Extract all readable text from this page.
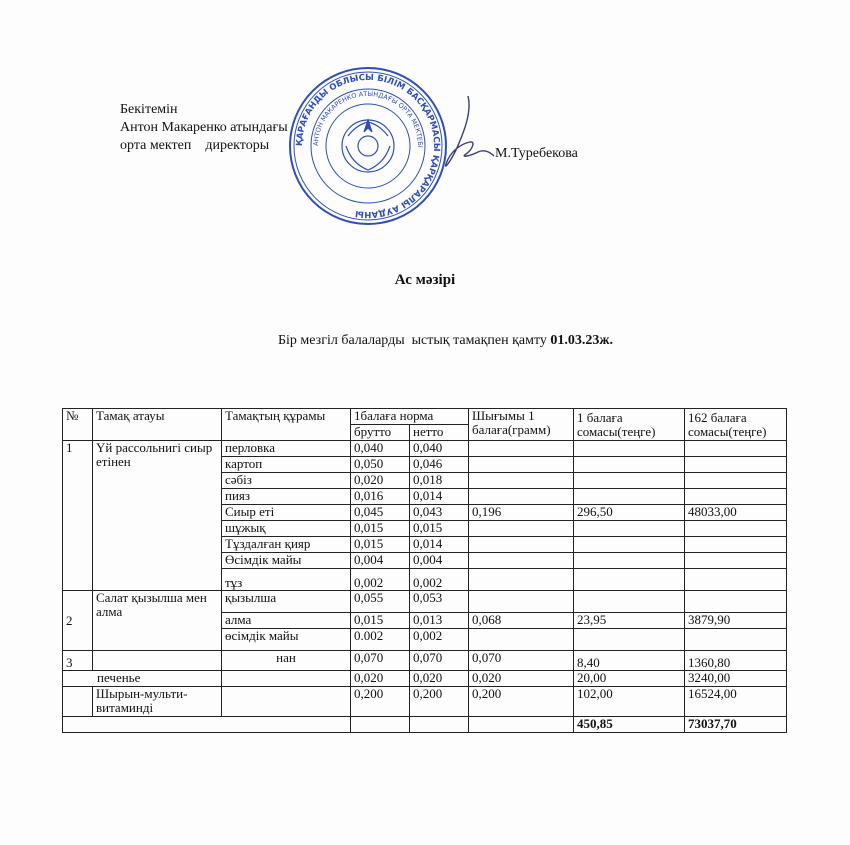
Бекітемін
Антон Макаренко атындағы
орта мектеп    директоры	ҚАРАҒАНДЫ ОБЛЫСЫ БІЛІМ БАСҚАРМАСЫ ҚАРҚАРАЛЫ АУДАНЫ
АНТОН МАКАРЕНКО АТЫНДАҒЫ ОРТА МЕКТЕБІ	М.Туребекова
Ас мәзірі
Бір мезгіл балаларды  ыстық тамақпен қамту 01.03.23ж.
№	Тамақ атауы	Тамақтың құрамы	1балаға норма		Шығымы 1 балаға(грамм)	1 балаға сомасы(теңге)	162 балаға сомасы(теңге)
			брутто	нетто			
1	Үй рассольнигі сиыр етінен	перловка	0,040	0,040			
		картоп	0,050	0,046			
		сәбіз	0,020	0,018			
		пияз	0,016	0,014			
		Сиыр еті	0,045	0,043	0,196	296,50	48033,00
		шұжық	0,015	0,015			
		Тұздалған қияр	0,015	0,014			
		Өсімдік майы	0,004	0,004			
		тұз	0,002	0,002			
2	Салат қызылша мен алма	қызылша	0,055	0,053			
		алма	0,015	0,013	0,068	23,95	3879,90
		өсімдік майы	0.002	0,002			
3		нан	0,070	0,070	0,070	8,40	1360,80
печенье			0,020	0,020	0,020	20,00	3240,00
	Шырын-мульти-витаминді		0,200	0,200	0,200	102,00	16524,00
						450,85	73037,70
